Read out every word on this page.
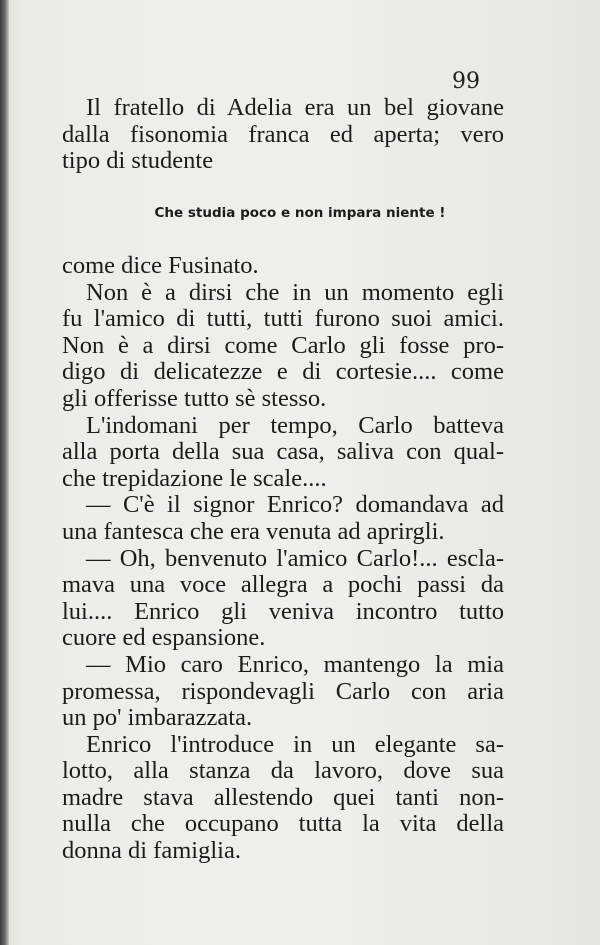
99
Il fratello di Adelia era un bel giovane
dalla fisonomia franca ed aperta; vero
tipo di studente
Che studia poco e non impara niente !
come dice Fusinato.
Non è a dirsi che in un momento egli
fu l'amico di tutti, tutti furono suoi amici.
Non è a dirsi come Carlo gli fosse pro-
digo di delicatezze e di cortesie.... come
gli offerisse tutto sè stesso.
L'indomani per tempo, Carlo batteva
alla porta della sua casa, saliva con qual-
che trepidazione le scale....
— C'è il signor Enrico? domandava ad
una fantesca che era venuta ad aprirgli.
— Oh, benvenuto l'amico Carlo!... escla-
mava una voce allegra a pochi passi da
lui.... Enrico gli veniva incontro tutto
cuore ed espansione.
— Mio caro Enrico, mantengo la mia
promessa, rispondevagli Carlo con aria
un po' imbarazzata.
Enrico l'introduce in un elegante sa-
lotto, alla stanza da lavoro, dove sua
madre stava allestendo quei tanti non-
nulla che occupano tutta la vita della
donna di famiglia.
